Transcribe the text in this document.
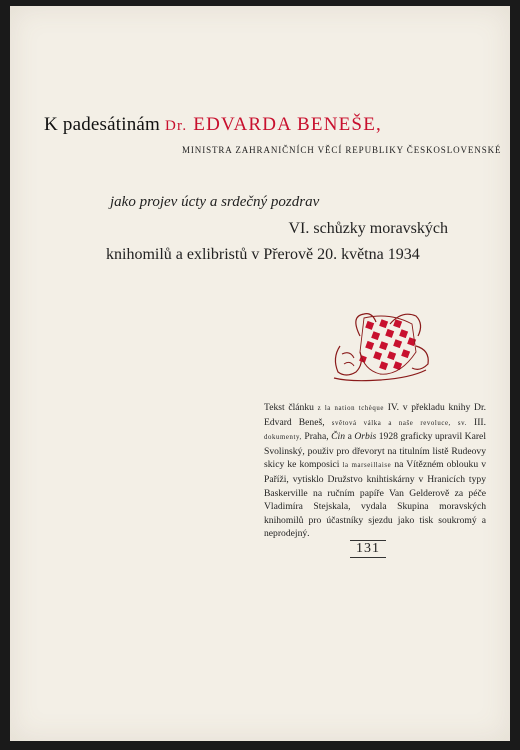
K padesátinám Dr. EDVARDA BENEŠE,
MINISTRA ZAHRANIČNÍCH VĚCÍ REPUBLIKY ČESKOSLOVENSKÉ
jako projev úcty a srdečný pozdrav
VI. schůzky moravských
knihomilů a exlibristů v Přerově 20. května 1934
Tekst článku z la nation tchèque IV. v překladu knihy Dr. Edvard Beneš, světová válka a naše revoluce, sv. III. dokumenty, Praha, Čin a Orbis 1928 graficky upravil Karel Svolinský, použiv pro dřevoryt na titulním listě Rudeovy skicy ke komposici la marseillaise na Vítězném oblouku v Paříži, vytisklo Družstvo knihtiskárny v Hranicích typy Baskerville na ručním papíře Van Gelderově za péče Vladimíra Stejskala, vydala Skupina moravských knihomilů pro účastníky sjezdu jako tisk soukromý a neprodejný.
131
